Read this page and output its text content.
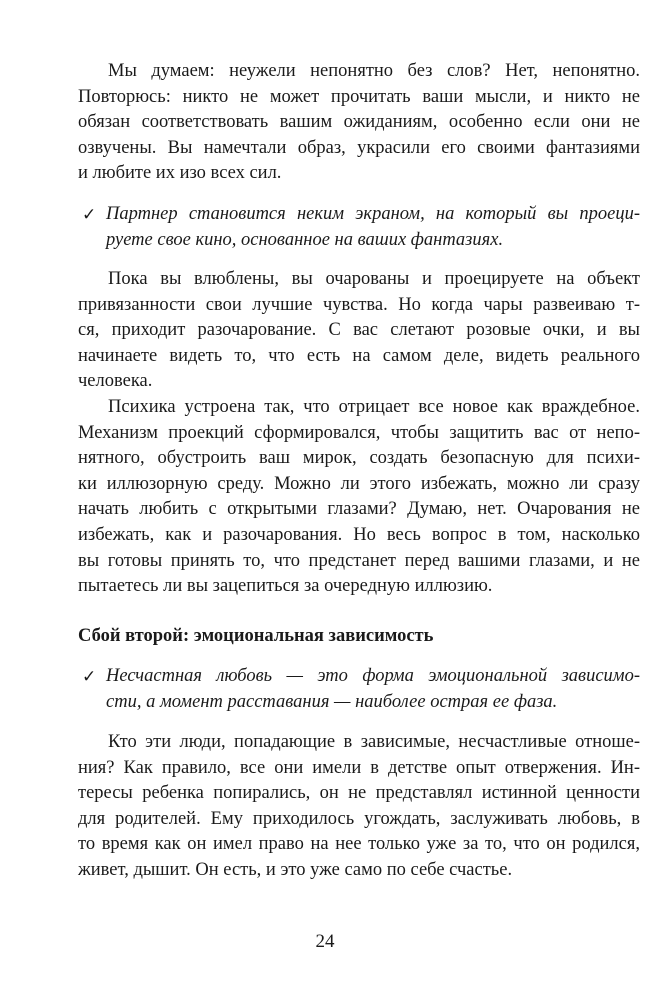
Мы думаем: неужели непонятно без слов? Нет, непонятно.
Повторюсь: никто не может прочитать ваши мысли, и никто не
обязан соответствовать вашим ожиданиям, особенно если они не
озвучены. Вы намечтали образ, украсили его своими фантазиями
и любите их изо всех сил.
✓ Партнер становится неким экраном, на который вы проеци-
руете свое кино, основанное на ваших фантазиях.
Пока вы влюблены, вы очарованы и проецируете на объект
привязанности свои лучшие чувства. Но когда чары развеиваю т-
ся, приходит разочарование. С вас слетают розовые очки, и вы
начинаете видеть то, что есть на самом деле, видеть реального
человека.
Психика устроена так, что отрицает все новое как враждебное.
Механизм проекций сформировался, чтобы защитить вас от непо-
нятного, обустроить ваш мирок, создать безопасную для психи-
ки иллюзорную среду. Можно ли этого избежать, можно ли сразу
начать любить с открытыми глазами? Думаю, нет. Очарования не
избежать, как и разочарования. Но весь вопрос в том, насколько
вы готовы принять то, что предстанет перед вашими глазами, и не
пытаетесь ли вы зацепиться за очередную иллюзию.
Сбой второй: эмоциональная зависимость
✓ Несчастная любовь — это форма эмоциональной зависимо-
сти, а момент расставания — наиболее острая ее фаза.
Кто эти люди, попадающие в зависимые, несчастливые отноше-
ния? Как правило, все они имели в детстве опыт отвержения. Ин-
тересы ребенка попирались, он не представлял истинной ценности
для родителей. Ему приходилось угождать, заслуживать любовь, в
то время как он имел право на нее только уже за то, что он родился,
живет, дышит. Он есть, и это уже само по себе счастье.
24
